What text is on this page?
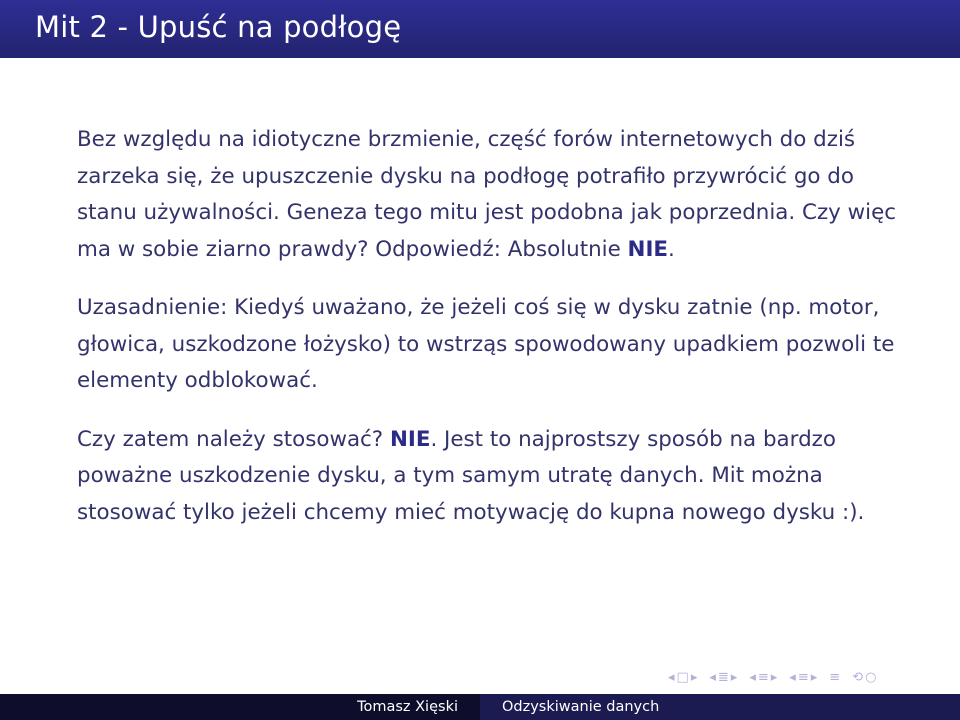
Mit 2 - Upuść na podłogę

Bez względu na idiotyczne brzmienie, część forów internetowych do dziś zarzeka się, że upuszczenie dysku na podłogę potrafiło przywrócić go do stanu używalności. Geneza tego mitu jest podobna jak poprzednia. Czy więc ma w sobie ziarno prawdy? Odpowiedź: Absolutnie NIE.

Uzasadnienie: Kiedyś uważano, że jeżeli coś się w dysku zatnie (np. motor, głowica, uszkodzone łożysko) to wstrząs spowodowany upadkiem pozwoli te elementy odblokować.

Czy zatem należy stosować? NIE. Jest to najprostszy sposób na bardzo poważne uszkodzenie dysku, a tym samym utratę danych. Mit można stosować tylko jeżeli chcemy mieć motywację do kupna nowego dysku :).

◂ □ ▸ ◂ ≣ ▸ ◂ ≡ ▸ ◂ ≡ ▸ ≡ ⟲ ○
Tomasz Xięski	Odzyskiwanie danych
